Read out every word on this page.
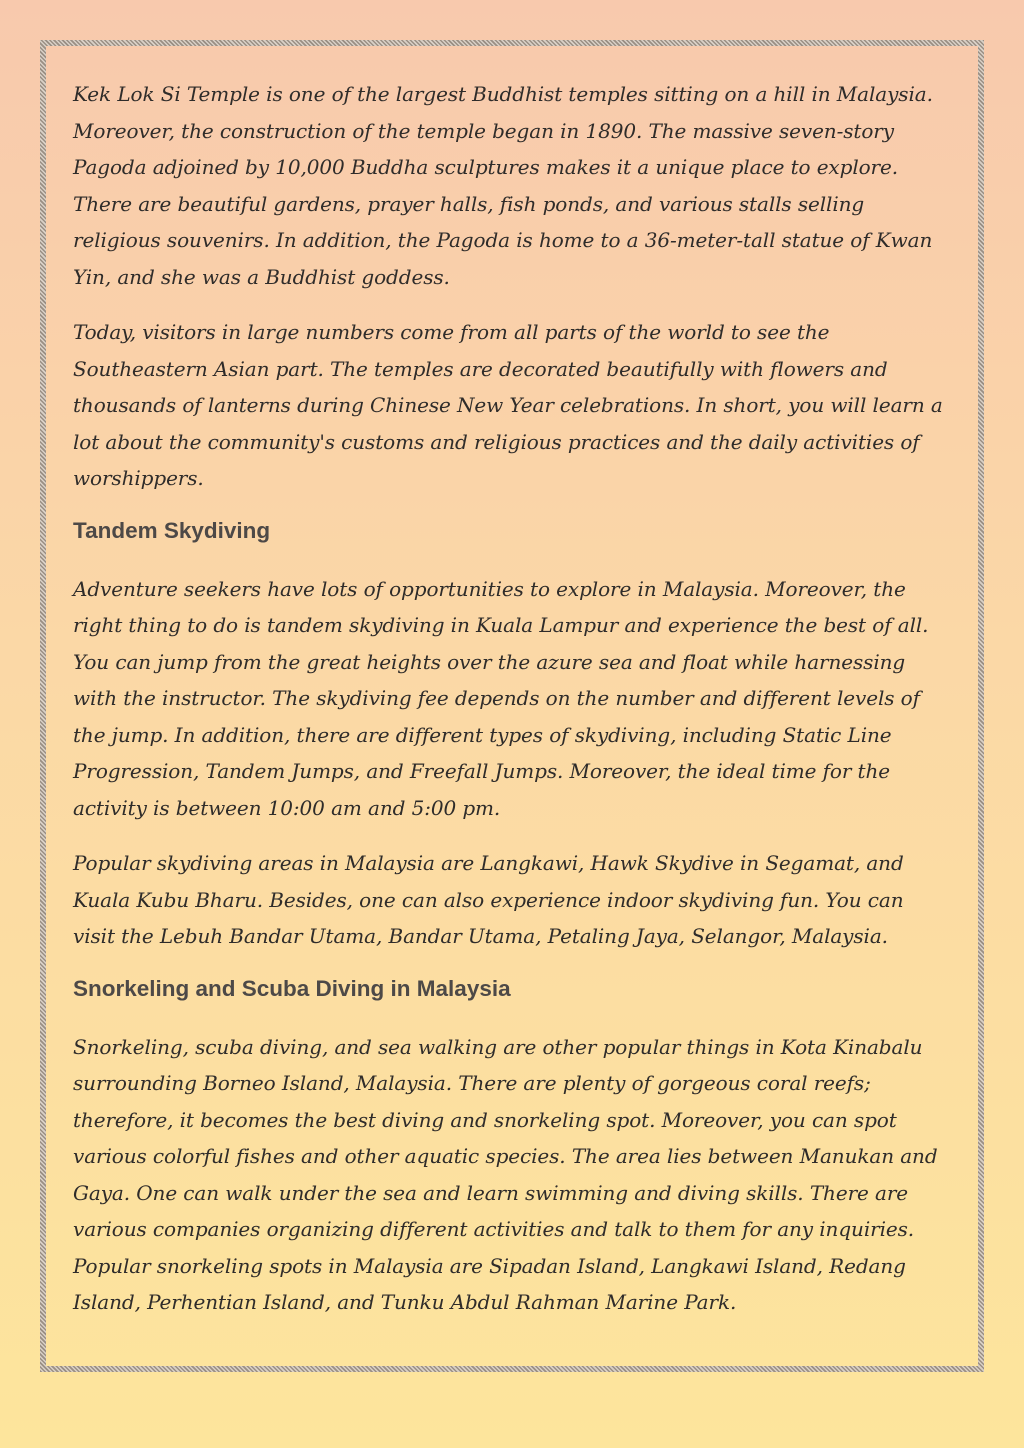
Kek Lok Si Temple is one of the largest Buddhist temples sitting on a hill in Malaysia. Moreover, the construction of the temple began in 1890. The massive seven-story Pagoda adjoined by 10,000 Buddha sculptures makes it a unique place to explore. There are beautiful gardens, prayer halls, fish ponds, and various stalls selling religious souvenirs. In addition, the Pagoda is home to a 36-meter-tall statue of Kwan Yin, and she was a Buddhist goddess.

Today, visitors in large numbers come from all parts of the world to see the Southeastern Asian part. The temples are decorated beautifully with flowers and thousands of lanterns during Chinese New Year celebrations. In short, you will learn a lot about the community's customs and religious practices and the daily activities of worshippers.

Tandem Skydiving

Adventure seekers have lots of opportunities to explore in Malaysia. Moreover, the right thing to do is tandem skydiving in Kuala Lampur and experience the best of all. You can jump from the great heights over the azure sea and float while harnessing with the instructor. The skydiving fee depends on the number and different levels of the jump. In addition, there are different types of skydiving, including Static Line Progression, Tandem Jumps, and Freefall Jumps. Moreover, the ideal time for the activity is between 10:00 am and 5:00 pm.

Popular skydiving areas in Malaysia are Langkawi, Hawk Skydive in Segamat, and Kuala Kubu Bharu. Besides, one can also experience indoor skydiving fun. You can visit the Lebuh Bandar Utama, Bandar Utama, Petaling Jaya, Selangor, Malaysia.

Snorkeling and Scuba Diving in Malaysia

Snorkeling, scuba diving, and sea walking are other popular things in Kota Kinabalu surrounding Borneo Island, Malaysia. There are plenty of gorgeous coral reefs; therefore, it becomes the best diving and snorkeling spot. Moreover, you can spot various colorful fishes and other aquatic species. The area lies between Manukan and Gaya. One can walk under the sea and learn swimming and diving skills. There are various companies organizing different activities and talk to them for any inquiries. Popular snorkeling spots in Malaysia are Sipadan Island, Langkawi Island, Redang Island, Perhentian Island, and Tunku Abdul Rahman Marine Park.
